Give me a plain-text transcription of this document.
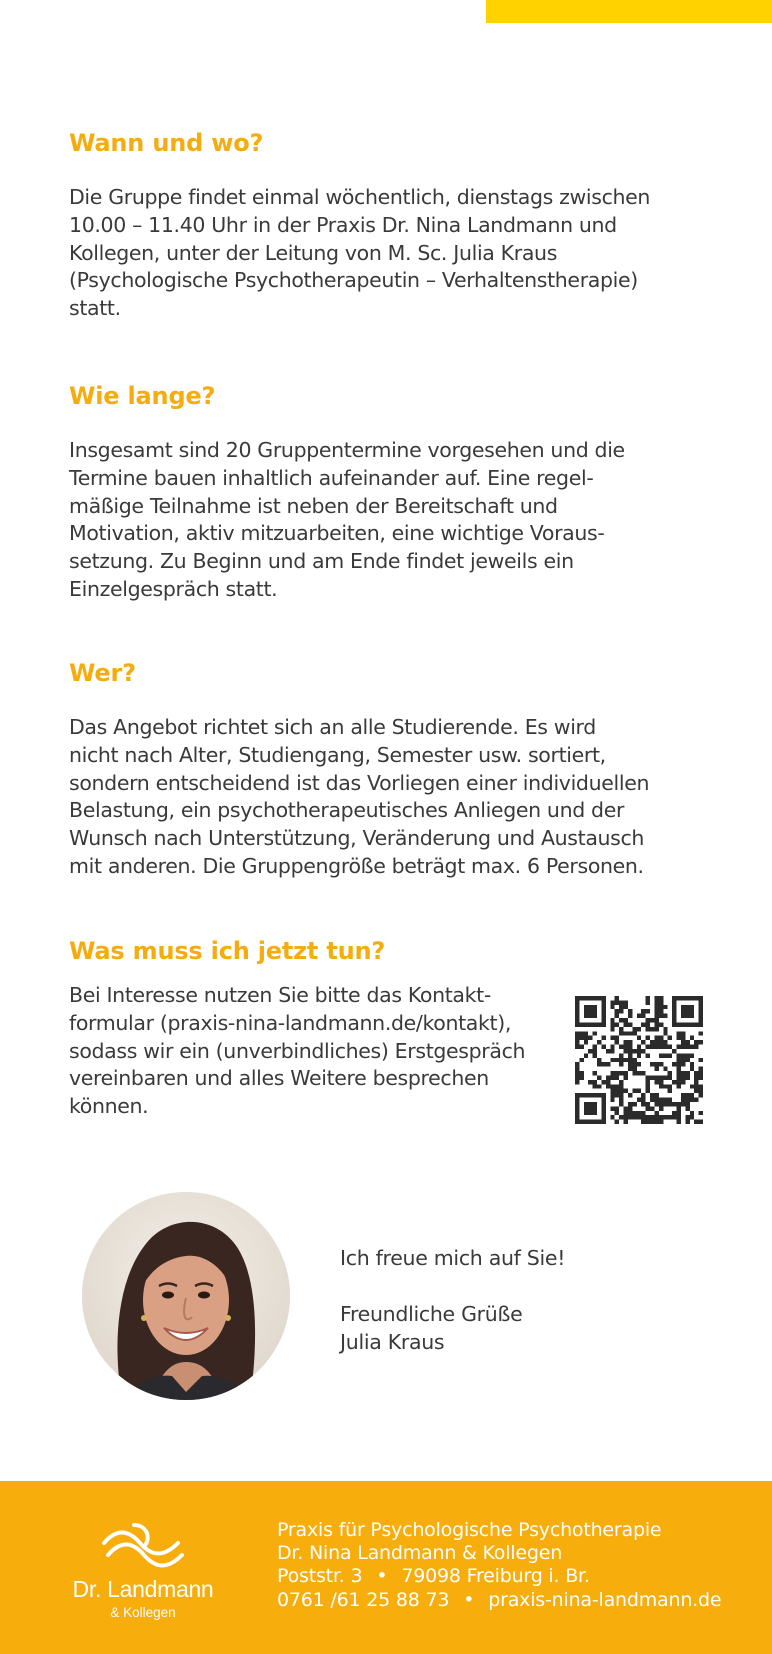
Wann und wo?

Die Gruppe findet einmal wöchentlich, dienstags zwischen
10.00 – 11.40 Uhr in der Praxis Dr. Nina Landmann und
Kollegen, unter der Leitung von M. Sc. Julia Kraus
(Psychologische Psychotherapeutin – Verhaltenstherapie)
statt.

Wie lange?

Insgesamt sind 20 Gruppentermine vorgesehen und die
Termine bauen inhaltlich aufeinander auf. Eine regel-
mäßige Teilnahme ist neben der Bereitschaft und
Motivation, aktiv mitzuarbeiten, eine wichtige Voraus-
setzung. Zu Beginn und am Ende findet jeweils ein
Einzelgespräch statt.

Wer?

Das Angebot richtet sich an alle Studierende. Es wird
nicht nach Alter, Studiengang, Semester usw. sortiert,
sondern entscheidend ist das Vorliegen einer individuellen
Belastung, ein psychotherapeutisches Anliegen und der
Wunsch nach Unterstützung, Veränderung und Austausch
mit anderen. Die Gruppengröße beträgt max. 6 Personen.

Was muss ich jetzt tun?

Bei Interesse nutzen Sie bitte das Kontakt-
formular (praxis-nina-landmann.de/kontakt),
sodass wir ein (unverbindliches) Erstgespräch
vereinbaren und alles Weitere besprechen
können.

Ich freue mich auf Sie!
Freundliche Grüße
Julia Kraus
Dr. Landmann
& Kollegen
Praxis für Psychologische Psychotherapie
Dr. Nina Landmann & Kollegen
Poststr. 3 • 79098 Freiburg i. Br.
0761 /61 25 88 73 • praxis-nina-landmann.de
